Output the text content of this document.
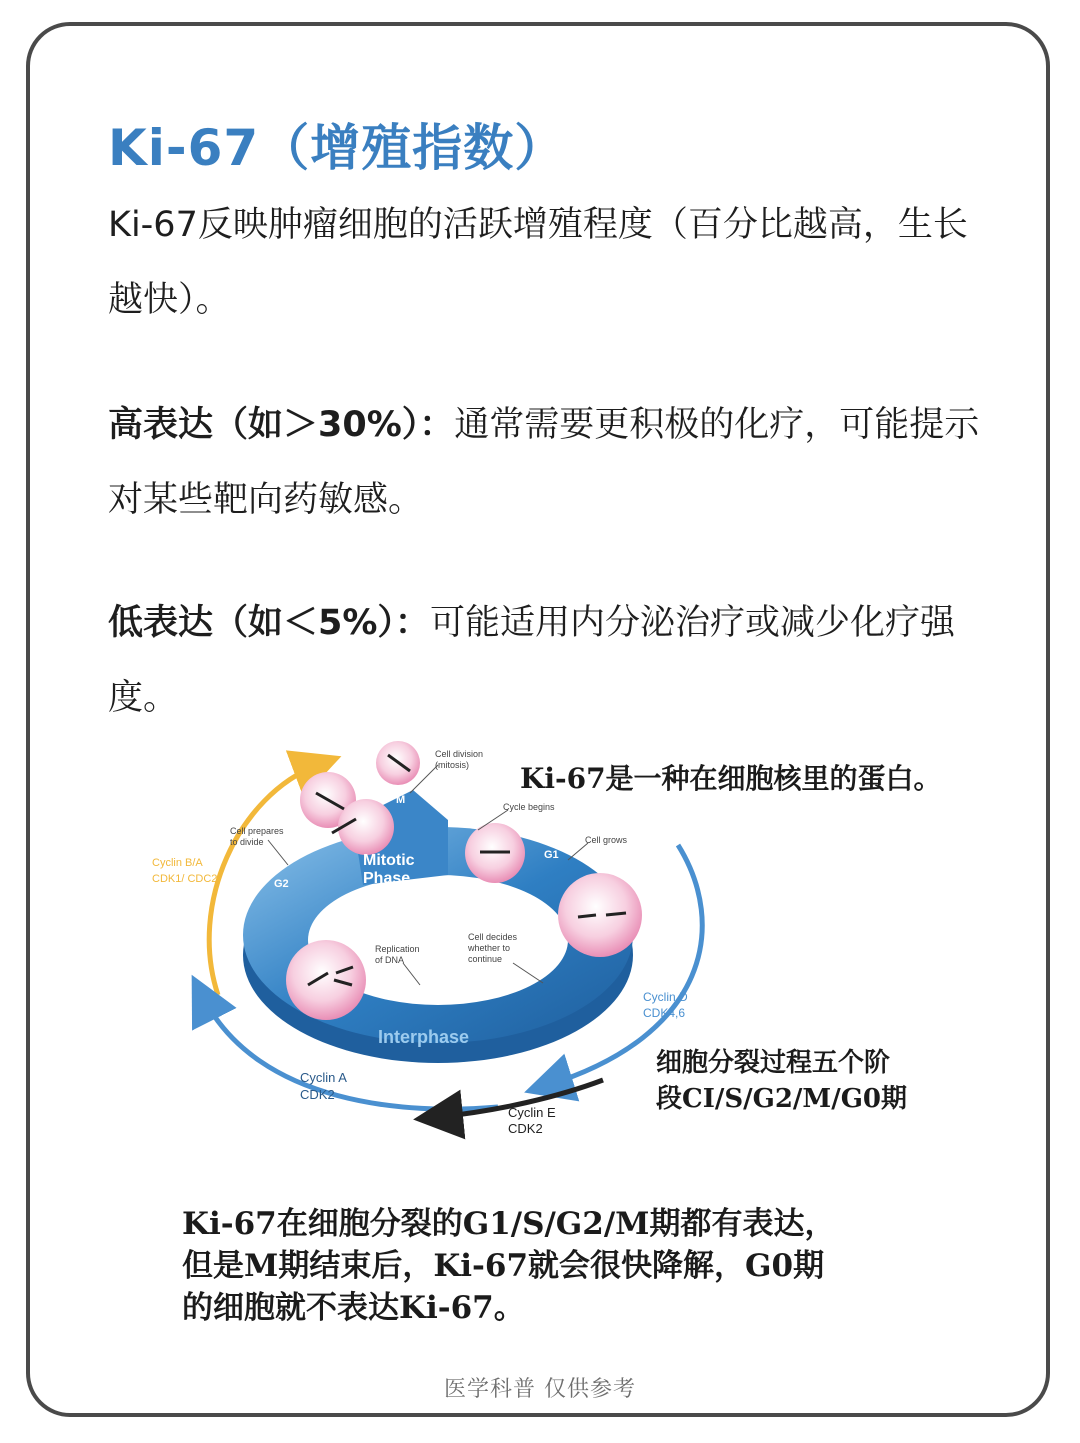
Ki-67（增殖指数）

Ki-67反映肿瘤细胞的活跃增殖程度（百分比越高，生长越快）。

高表达（如＞30%）：通常需要更积极的化疗，可能提示对某些靶向药敏感。

低表达（如＜5%）：可能适用内分泌治疗或减少化疗强度。

Cell division
(mitosis)
Cycle begins
Cell grows
Cell prepares
to divide
Cyclin B/A
CDK1/ CDC2
Mitotic
Phase
M
G1
G2
S
Interphase
Replication
of DNA
Cell decides
whether to
continue
Cyclin D
CDK4,6
Cyclin A
CDK2
Cyclin E
CDK2

Ki-67是一种在细胞核里的蛋白。

细胞分裂过程五个阶
段CI/S/G2/M/G0期

Ki-67在细胞分裂的G1/S/G2/M期都有表达，
但是M期结束后，Ki-67就会很快降解，G0期
的细胞就不表达Ki-67。

医学科普 仅供参考
